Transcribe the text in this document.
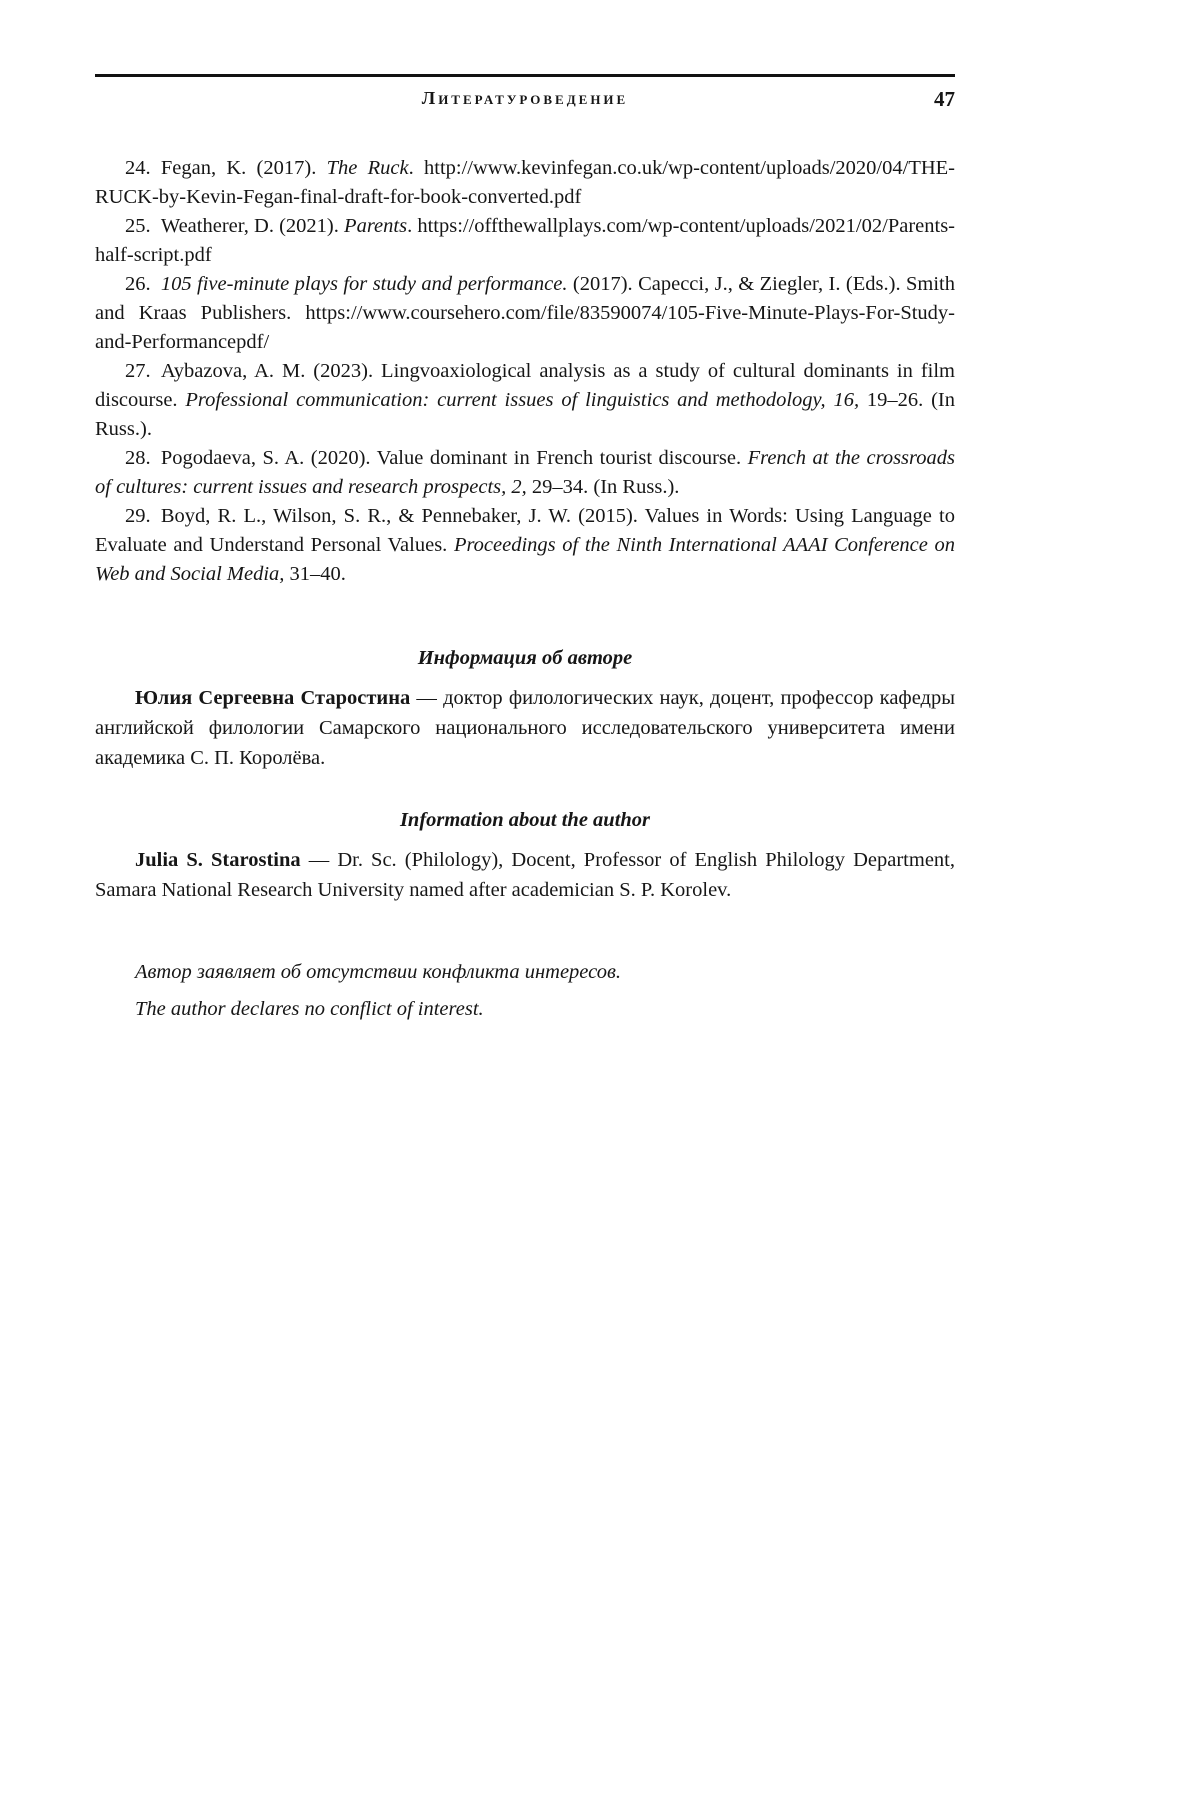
Литературоведение	47

24. Fegan, K. (2017). The Ruck. http://www.kevinfegan.co.uk/wp-content/uploads/2020/04/THE-RUCK-by-Kevin-Fegan-final-draft-for-book-converted.pdf

25. Weatherer, D. (2021). Parents. https://offthewallplays.com/wp-content/uploads/2021/02/Parents-half-script.pdf

26. 105 five-minute plays for study and performance. (2017). Capecci, J., & Ziegler, I. (Eds.). Smith and Kraas Publishers. https://www.coursehero.com/file/83590074/105-Five-Minute-Plays-For-Study-and-Performancepdf/

27. Aybazova, A. M. (2023). Lingvoaxiological analysis as a study of cultural dominants in film discourse. Professional communication: current issues of linguistics and methodology, 16, 19–26. (In Russ.).

28. Pogodaeva, S. A. (2020). Value dominant in French tourist discourse. French at the crossroads of cultures: current issues and research prospects, 2, 29–34. (In Russ.).

29. Boyd, R. L., Wilson, S. R., & Pennebaker, J. W. (2015). Values in Words: Using Language to Evaluate and Understand Personal Values. Proceedings of the Ninth International AAAI Conference on Web and Social Media, 31–40.

Информация об авторе

Юлия Сергеевна Старостина — доктор филологических наук, доцент, профессор кафедры английской филологии Самарского национального исследовательского университета имени академика С. П. Королёва.

Information about the author

Julia S. Starostina — Dr. Sc. (Philology), Docent, Professor of English Philology Department, Samara National Research University named after academician S. P. Korolev.

Автор заявляет об отсутствии конфликта интересов.

The author declares no conflict of interest.
